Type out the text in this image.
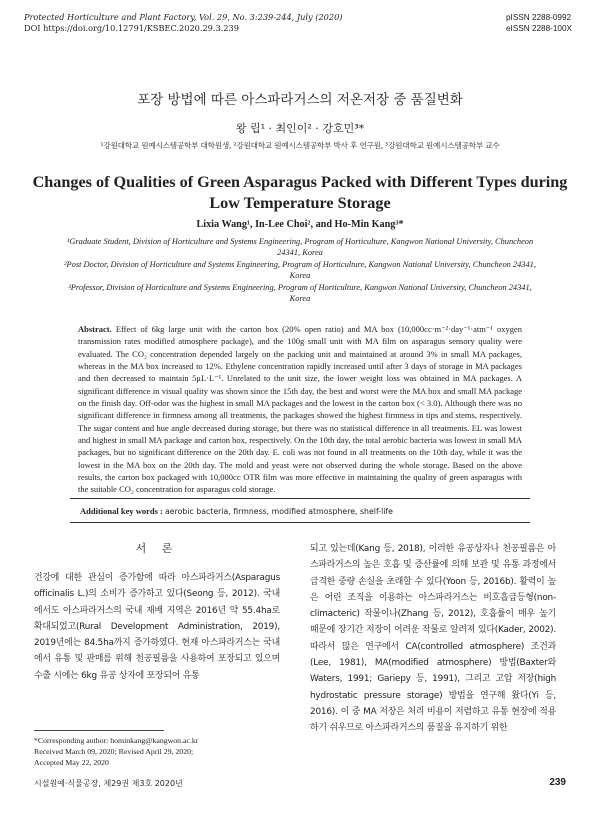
Protected Horticulture and Plant Factory, Vol. 29, No. 3:239-244, July (2020)
DOI https://doi.org/10.12791/KSBEC.2020.29.3.239
pISSN 2288-0992
eISSN 2288-100X
포장 방법에 따른 아스파라거스의 저온저장 중 품질변화
왕 립¹ · 최인이² · 강호민³*
¹강원대학교 원예시스템공학부 대학원생, ²강원대학교 원예시스템공학부 박사 후 연구원, ³강원대학교 원예시스템공학부 교수
Changes of Qualities of Green Asparagus Packed with Different Types during Low Temperature Storage
Lixia Wang¹, In-Lee Choi², and Ho-Min Kang³*
¹Graduate Student, Division of Horticulture and Systems Engineering, Program of Horticulture, Kangwon National University, Chuncheon 24341, Korea
²Post Doctor, Division of Horticulture and Systems Engineering, Program of Horticulture, Kangwon National University, Chuncheon 24341, Korea
³Professor, Division of Horticulture and Systems Engineering, Program of Horticulture, Kangwon National University, Chuncheon 24341, Korea
Abstract. Effect of 6kg large unit with the carton box (20% open ratio) and MA box (10,000cc·m⁻²·day⁻¹·atm⁻¹ oxygen transmission rates modified atmosphere package), and the 100g small unit with MA film on asparagus sensory quality were evaluated. The CO₂ concentration depended largely on the packing unit and maintained at around 3% in small MA packages, whereas in the MA box increased to 12%. Ethylene concentration rapidly increased until after 3 days of storage in MA packages and then decreased to maintain 5μL·L⁻¹. Unrelated to the unit size, the lower weight loss was obtained in MA packages. A significant difference in visual quality was shown since the 15th day, the best and worst were the MA box and small MA package on the finish day. Off-odor was the highest in small MA packages and the lowest in the carton box (< 3.0). Although there was no significant difference in firmness among all treatments, the packages showed the highest firmness in tips and stems, respectively. The sugar content and hue angle decreased during storage, but there was no statistical difference in all treatments. EL was lowest and highest in small MA package and carton box, respectively. On the 10th day, the total aerobic bacteria was lowest in small MA packages, but no significant difference on the 20th day. E. coli was not found in all treatments on the 10th day, while it was the lowest in the MA box on the 20th day. The mold and yeast were not observed during the whole storage. Based on the above results, the carton box packaged with 10,000cc OTR film was more effective in maintaining the quality of green asparagus with the suitable CO₂ concentration for asparagus cold storage.
Additional key words : aerobic bacteria, firmness, modified atmosphere, shelf-life
서 론
건강에 대한 관심이 증가함에 따라 아스파라거스(Asparagus officinalis L.)의 소비가 증가하고 있다(Seong 등, 2012). 국내에서도 아스파라거스의 국내 재배 지역은 2016년 약 55.4ha로 확대되었고(Rural Development Administration, 2019), 2019년에는 84.5ha까지 증가하였다. 현재 아스파라거스는 국내에서 유통 및 판매를 위해 천공필름을 사용하여 포장되고 있으며 수출 시에는 6kg 유공 상자에 포장되어 유통
되고 있는데(Kang 등, 2018), 이러한 유공상자나 천공필름은 아스파라거스의 높은 호흡 및 증산률에 의해 보관 및 유통 과정에서 급격한 중량 손실을 초래할 수 있다(Yoon 등, 2016b). 활력이 높은 어린 조직을 이용하는 아스파라거스는 비호흡급등형(non-climacteric) 작물이나(Zhang 등, 2012), 호흡률이 매우 높기 때문에 장기간 저장이 어려운 작물로 알려져 있다(Kader, 2002). 따라서 많은 연구에서 CA(controlled atmosphere) 조건과(Lee, 1981), MA(modified atmosphere) 방법(Baxter와 Waters, 1991; Gariepy 등, 1991), 그리고 고압 저장(high hydrostatic pressure storage) 방법을 연구해 왔다(Yi 등, 2016). 이 중 MA 저장은 처리 비용이 저렴하고 유통 현장에 적용하기 쉬우므로 아스파라거스의 품질을 유지하기 위한
*Corresponding author: hominkang@kangwon.ac.kr
Received March 09, 2020; Revised April 29, 2020;
Accepted May 22, 2020
시설원예·식물공장, 제29권 제3호 2020년	239
